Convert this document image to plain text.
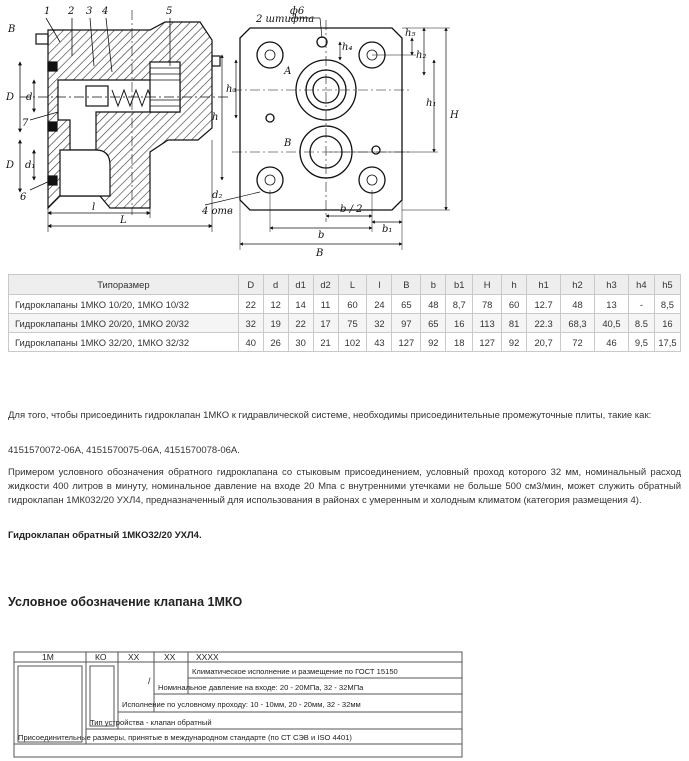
В
1 2 3 4	5
6
7
D d
D d₁
l
L
ф6
2 штифта
h₄
h₅
h₃
h
h₂
h₁
H
А
В
d₂
4 отв	b / 2
b
b₁
В
Типоразмер	D	d	d1	d2	L	l	B	b	b1	H	h	h1	h2	h3	h4	h5
Гидроклапаны 1МКО 10/20, 1МКО 10/32	22	12	14	11	60	24	65	48	8,7	78	60	12.7	48	13	-	8,5
Гидроклапаны 1МКО 20/20, 1МКО 20/32	32	19	22	17	75	32	97	65	16	113	81	22.3	68,3	40,5	8.5	16
Гидроклапаны 1МКО 32/20, 1МКО 32/32	40	26	30	21	102	43	127	92	18	127	92	20,7	72	46	9,5	17,5

Для того, чтобы присоединить гидроклапан 1МКО к гидравлической системе, необходимы присоединительные промежуточные плиты, такие как:

4151570072-06А, 4151570075-06А, 4151570078-06А.

Примером условного обозначения обратного гидроклапана со стыковым присоединением, условный проход которого 32 мм, номинальный расход жидкости 400 литров в минуту, номинальное давление на входе 20 Мпа с внутренними утечками не больше 500 см3/мин, может служить обратный гидроклапан 1МК032/20 УХЛ4, предназначенный для использования в районах с умеренным и холодным климатом (категория размещения 4).

Гидроклапан обратный 1МКО32/20 УХЛ4.

Условное обозначение клапана 1МКО
1М	КО	ХХ	ХХ ХХХХ
/
Климатическое исполнение и размещение по ГОСТ 15150
Номинальное давление на входе: 20 - 20МПа, 32 - 32МПа
Исполнение по условному проходу: 10 - 10мм, 20 - 20мм, 32 - 32мм
Тип устройства - клапан обратный
Присоединительные размеры, принятые в международном стандарте (по СТ СЭВ и ISO 4401)
